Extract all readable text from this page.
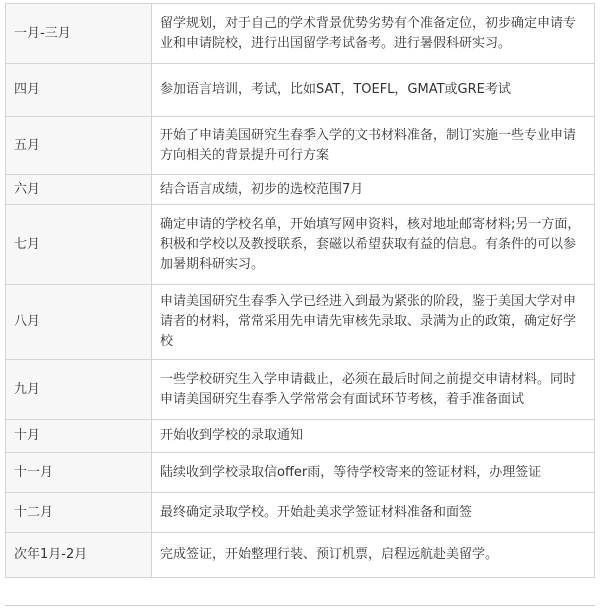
一月-三月	留学规划，对于自己的学术背景优势劣势有个准备定位，初步确定申请专业和申请院校，进行出国留学考试备考。进行暑假科研实习。
四月	参加语言培训，考试，比如SAT，TOEFL，GMAT或GRE考试
五月	开始了申请美国研究生春季入学的文书材料准备，制订实施一些专业申请方向相关的背景提升可行方案
六月	结合语言成绩，初步的选校范围7月
七月	确定申请的学校名单，开始填写网申资料，核对地址邮寄材料;另一方面，积极和学校以及教授联系，套磁以希望获取有益的信息。有条件的可以参加暑期科研实习。
八月	申请美国研究生春季入学已经进入到最为紧张的阶段，鉴于美国大学对申请者的材料，常常采用先申请先审核先录取、录满为止的政策，确定好学校
九月	一些学校研究生入学申请截止，必须在最后时间之前提交申请材料。同时申请美国研究生春季入学常常会有面试环节考核，着手准备面试
十月	开始收到学校的录取通知
十一月	陆续收到学校录取信offer雨，等待学校寄来的签证材料，办理签证
十二月	最终确定录取学校。开始赴美求学签证材料准备和面签
次年1月-2月	完成签证，开始整理行装、预订机票，启程远航赴美留学。
